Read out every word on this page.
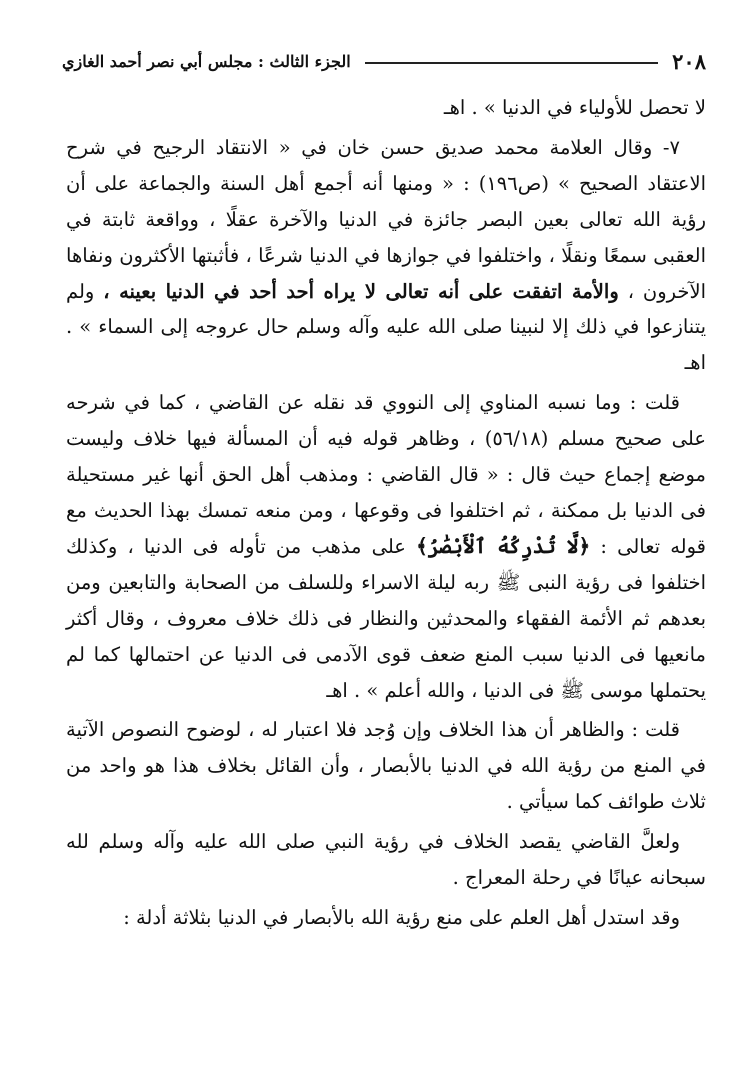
٢٠٨
الجزء الثالث : مجلس أبي نصر أحمد الغازي

لا تحصل للأولياء في الدنيا » . اهـ

٧- وقال العلامة محمد صديق حسن خان في « الانتقاد الرجيح في شرح الاعتقاد الصحيح » (ص١٩٦) : « ومنها أنه أجمع أهل السنة والجماعة على أن رؤية الله تعالى بعين البصر جائزة في الدنيا والآخرة عقلًا ، وواقعة ثابتة في العقبى سمعًا ونقلًا ، واختلفوا في جوازها في الدنيا شرعًا ، فأثبتها الأكثرون ونفاها الآخرون ، والأمة اتفقت على أنه تعالى لا يراه أحد أحد في الدنيا بعينه ، ولم يتنازعوا في ذلك إلا لنبينا صلى الله عليه وآله وسلم حال عروجه إلى السماء » . اهـ

قلت : وما نسبه المناوي إلى النووي قد نقله عن القاضي ، كما في شرحه على صحيح مسلم (٥٦/١٨) ، وظاهر قوله فيه أن المسألة فيها خلاف وليست موضع إجماع حيث قال : « قال القاضي : ومذهب أهل الحق أنها غير مستحيلة فى الدنيا بل ممكنة ، ثم اختلفوا فى وقوعها ، ومن منعه تمسك بهذا الحديث مع قوله تعالى : ﴿لَّا تُدْرِكُهُ ٱلْأَبْصَٰرُ﴾ على مذهب من تأوله فى الدنيا ، وكذلك اختلفوا فى رؤية النبى ﷺ ربه ليلة الاسراء وللسلف من الصحابة والتابعين ومن بعدهم ثم الأئمة الفقهاء والمحدثين والنظار فى ذلك خلاف معروف ، وقال أكثر مانعيها فى الدنيا سبب المنع ضعف قوى الآدمى فى الدنيا عن احتمالها كما لم يحتملها موسى ﷺ فى الدنيا ، والله أعلم » . اهـ

قلت : والظاهر أن هذا الخلاف وإن وُجد فلا اعتبار له ، لوضوح النصوص الآتية في المنع من رؤية الله في الدنيا بالأبصار ، وأن القائل بخلاف هذا هو واحد من ثلاث طوائف كما سيأتي .

ولعلَّ القاضي يقصد الخلاف في رؤية النبي صلى الله عليه وآله وسلم لله سبحانه عيانًا في رحلة المعراج .

وقد استدل أهل العلم على منع رؤية الله بالأبصار في الدنيا بثلاثة أدلة :
